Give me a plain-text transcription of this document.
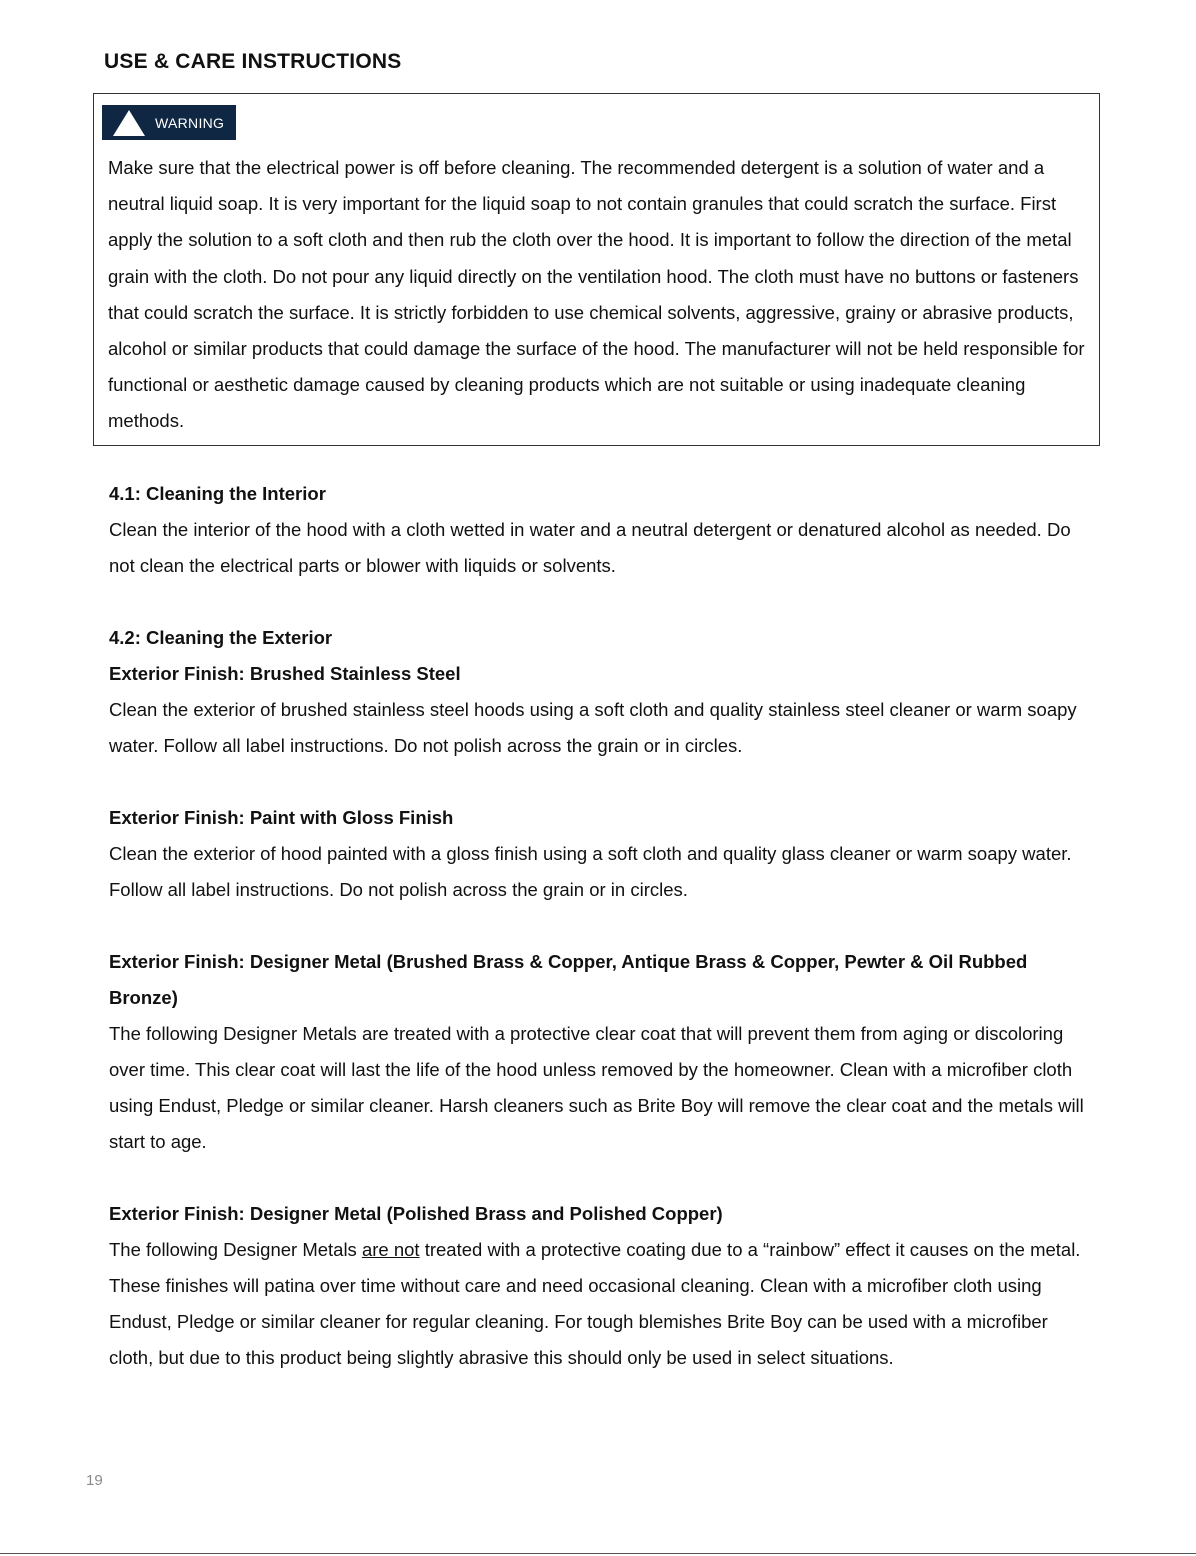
USE & CARE INSTRUCTIONS
WARNING

Make sure that the electrical power is off before cleaning. The recommended detergent is a solution of water and a neutral liquid soap. It is very important for the liquid soap to not contain granules that could scratch the surface. First apply the solution to a soft cloth and then rub the cloth over the hood. It is important to follow the direction of the metal grain with the cloth. Do not pour any liquid directly on the ventilation hood. The cloth must have no buttons or fasteners that could scratch the surface. It is strictly forbidden to use chemical solvents, aggressive, grainy or abrasive products, alcohol or similar products that could damage the surface of the hood. The manufacturer will not be held responsible for functional or aesthetic damage caused by cleaning products which are not suitable or using inadequate cleaning methods.

4.1: Cleaning the Interior

Clean the interior of the hood with a cloth wetted in water and a neutral detergent or denatured alcohol as needed. Do not clean the electrical parts or blower with liquids or solvents.

4.2: Cleaning the Exterior

Exterior Finish: Brushed Stainless Steel

Clean the exterior of brushed stainless steel hoods using a soft cloth and quality stainless steel cleaner or warm soapy water. Follow all label instructions. Do not polish across the grain or in circles.

Exterior Finish: Paint with Gloss Finish

Clean the exterior of hood painted with a gloss finish using a soft cloth and quality glass cleaner or warm soapy water. Follow all label instructions. Do not polish across the grain or in circles.

Exterior Finish: Designer Metal (Brushed Brass & Copper, Antique Brass & Copper, Pewter & Oil Rubbed Bronze)

The following Designer Metals are treated with a protective clear coat that will prevent them from aging or discoloring over time. This clear coat will last the life of the hood unless removed by the homeowner. Clean with a microfiber cloth using Endust, Pledge or similar cleaner. Harsh cleaners such as Brite Boy will remove the clear coat and the metals will start to age.

Exterior Finish: Designer Metal (Polished Brass and Polished Copper)

The following Designer Metals are not treated with a protective coating due to a “rainbow” effect it causes on the metal. These finishes will patina over time without care and need occasional cleaning. Clean with a microfiber cloth using Endust, Pledge or similar cleaner for regular cleaning. For tough blemishes Brite Boy can be used with a microfiber cloth, but due to this product being slightly abrasive this should only be used in select situations.

19
